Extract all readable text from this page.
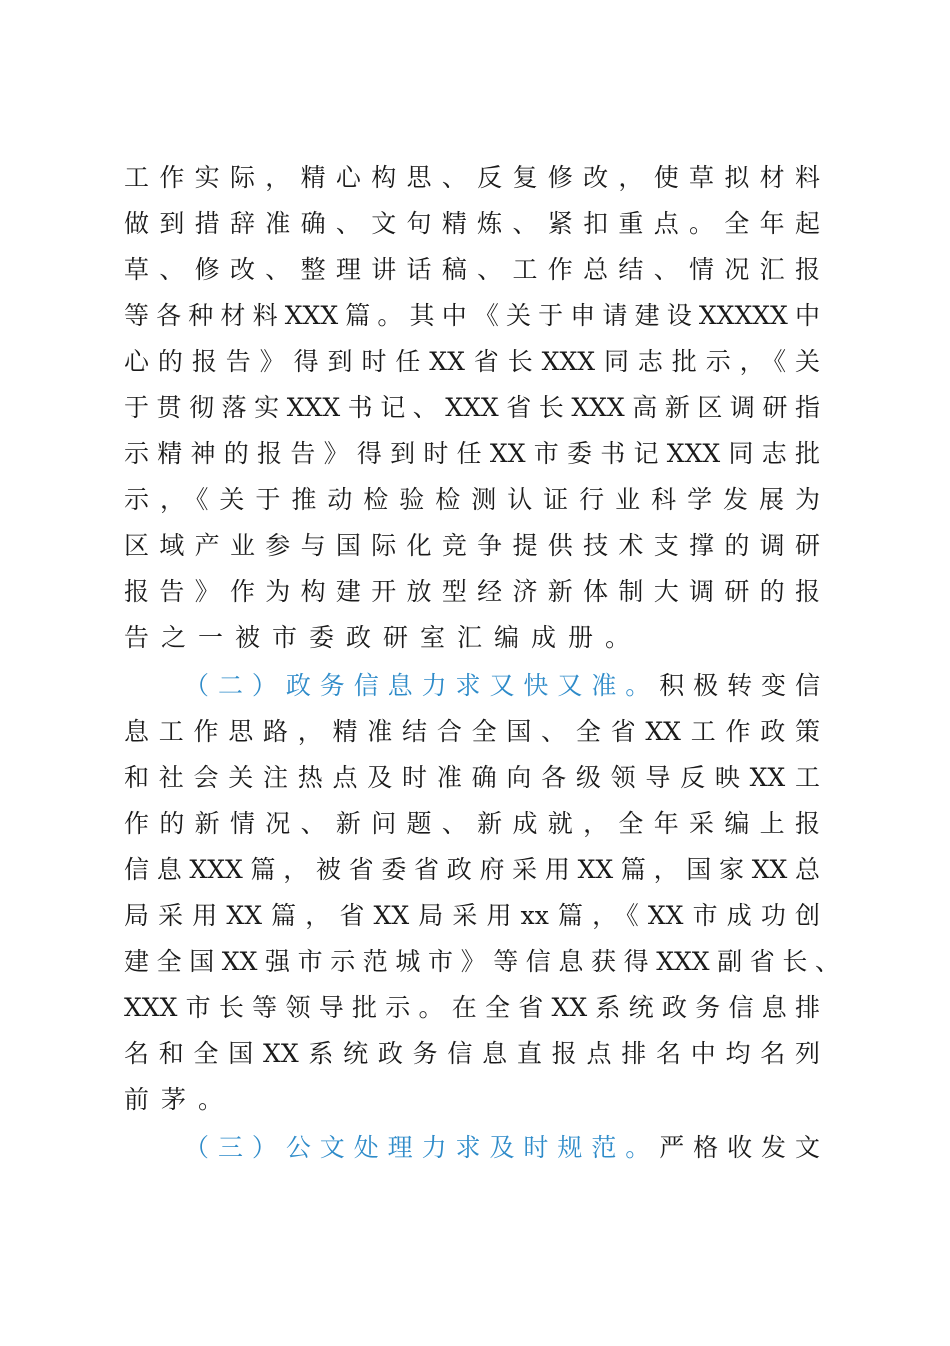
工作实际，精心构思、反复修改，使草拟材料
做到措辞准确、文句精炼、紧扣重点。全年起
草、修改、整理讲话稿、工作总结、情况汇报
等各种材料XXX篇。其中《关于申请建设XXXXX中
心的报告》得到时任XX省长XXX同志批示，《关
于贯彻落实XXX书记、XXX省长XXX高新区调研指
示精神的报告》得到时任XX市委书记XXX同志批
示，《关于推动检验检测认证行业科学发展为
区域产业参与国际化竞争提供技术支撑的调研
报告》作为构建开放型经济新体制大调研的报
告之一被市委政研室汇编成册。
（二）政务信息力求又快又准。积极转变信
息工作思路，精准结合全国、全省XX工作政策
和社会关注热点及时准确向各级领导反映XX工
作的新情况、新问题、新成就，全年采编上报
信息XXX篇，被省委省政府采用XX篇，国家XX总
局采用XX篇，省XX局采用xx篇，《XX市成功创
建全国XX强市示范城市》等信息获得XXX副省长、
XXX市长等领导批示。在全省XX系统政务信息排
名和全国XX系统政务信息直报点排名中均名列
前茅。
（三）公文处理力求及时规范。严格收发文
